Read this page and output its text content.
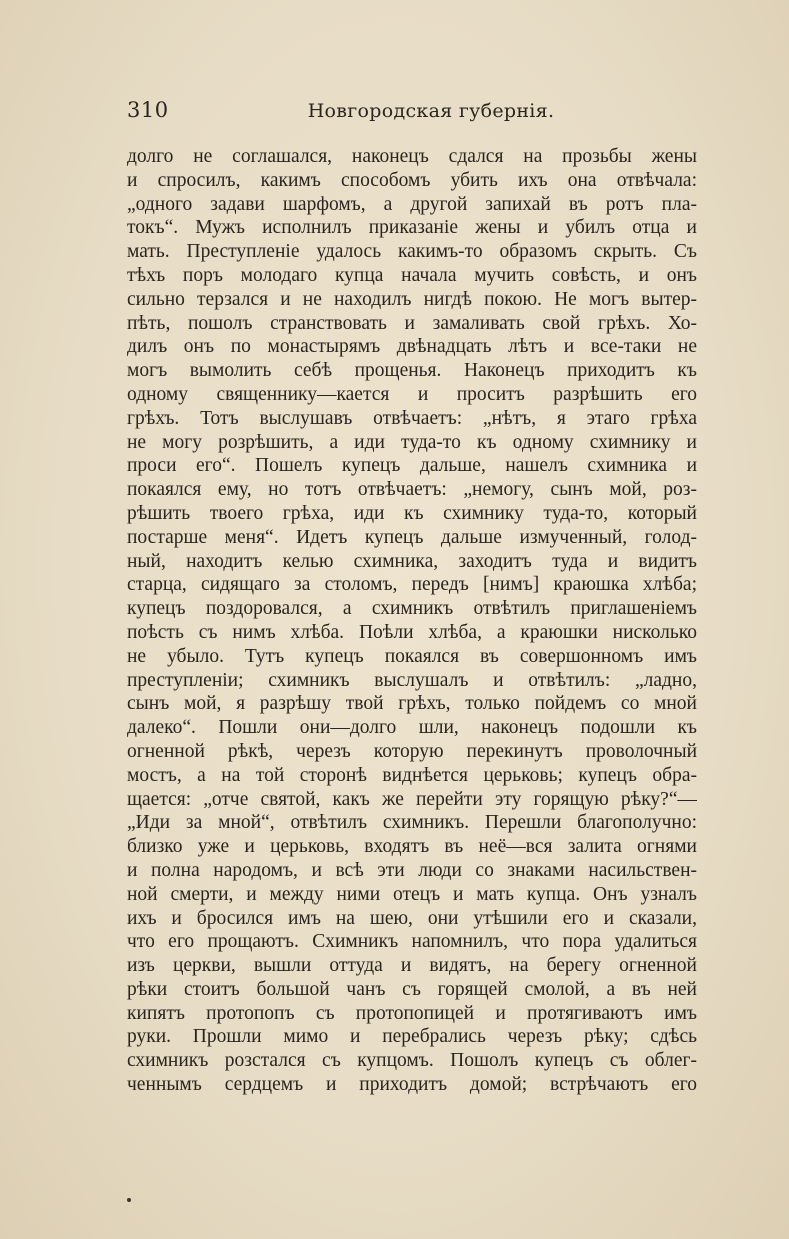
310	Новгородская губернія.
долго не соглашался, наконецъ сдался на прозьбы жены
и спросилъ, какимъ способомъ убить ихъ она отвѣчала:
„одного задави шарфомъ, а другой запихай въ ротъ пла-
токъ“. Мужъ исполнилъ приказаніе жены и убилъ отца и
мать. Преступленіе удалось какимъ-то образомъ скрыть. Съ
тѣхъ поръ молодаго купца начала мучить совѣсть, и онъ
сильно терзался и не находилъ нигдѣ покою. Не могъ вытер-
пѣть, пошолъ странствовать и замаливать свой грѣхъ. Хо-
дилъ онъ по монастырямъ двѣнадцать лѣтъ и все-таки не
могъ вымолить себѣ прощенья. Наконецъ приходитъ къ
одному священнику—кается и проситъ разрѣшить его
грѣхъ. Тотъ выслушавъ отвѣчаетъ: „нѣтъ, я этаго грѣха
не могу розрѣшить, а иди туда-то къ одному схимнику и
проси его“. Пошелъ купецъ дальше, нашелъ схимника и
покаялся ему, но тотъ отвѣчаетъ: „немогу, сынъ мой, роз-
рѣшить твоего грѣха, иди къ схимнику туда-то, который
постарше меня“. Идетъ купецъ дальше измученный, голод-
ный, находитъ келью схимника, заходитъ туда и видитъ
старца, сидящаго за столомъ, передъ [нимъ] краюшка хлѣба;
купецъ поздоровался, а схимникъ отвѣтилъ приглашеніемъ
поѣсть съ нимъ хлѣба. Поѣли хлѣба, а краюшки нисколько
не убыло. Тутъ купецъ покаялся въ совершонномъ имъ
преступленіи; схимникъ выслушалъ и отвѣтилъ: „ладно,
сынъ мой, я разрѣшу твой грѣхъ, только пойдемъ со мной
далеко“. Пошли они—долго шли, наконецъ подошли къ
огненной рѣкѣ, черезъ которую перекинутъ проволочный
мостъ, а на той сторонѣ виднѣется церьковь; купецъ обра-
щается: „отче святой, какъ же перейти эту горящую рѣку?“—
„Иди за мной“, отвѣтилъ схимникъ. Перешли благополучно:
близко уже и церьковь, входятъ въ неё—вся залита огнями
и полна народомъ, и всѣ эти люди со знаками насильствен-
ной смерти, и между ними отецъ и мать купца. Онъ узналъ
ихъ и бросился имъ на шею, они утѣшили его и сказали,
что его прощаютъ. Схимникъ напомнилъ, что пора удалиться
изъ церкви, вышли оттуда и видятъ, на берегу огненной
рѣки стоитъ большой чанъ съ горящей смолой, а въ ней
кипятъ протопопъ съ протопопицей и протягиваютъ имъ
руки. Прошли мимо и перебрались черезъ рѣку; сдѣсь
схимникъ розстался съ купцомъ. Пошолъ купецъ съ облег-
ченнымъ сердцемъ и приходитъ домой; встрѣчаютъ его
